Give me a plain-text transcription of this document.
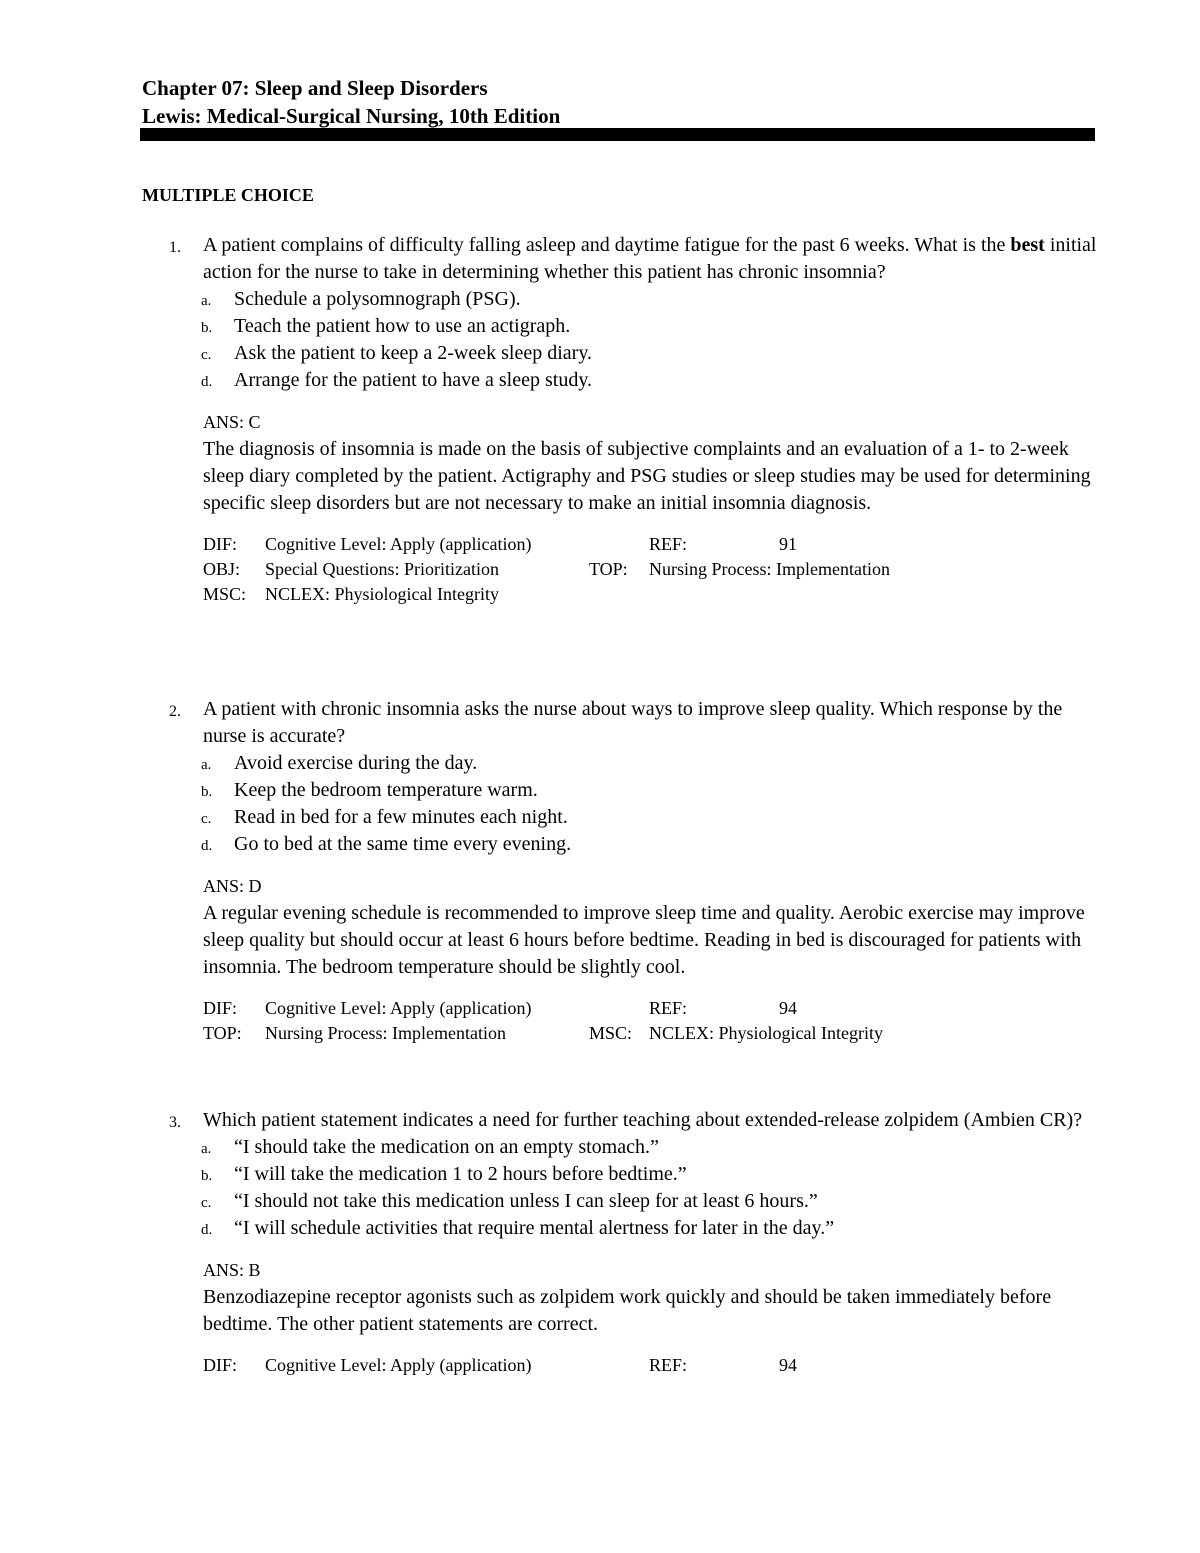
Chapter 07: Sleep and Sleep Disorders
Lewis: Medical-Surgical Nursing, 10th Edition
MULTIPLE CHOICE
1. A patient complains of difficulty falling asleep and daytime fatigue for the past 6 weeks. What is the best initial action for the nurse to take in determining whether this patient has chronic insomnia?
a. Schedule a polysomnograph (PSG).
b. Teach the patient how to use an actigraph.
c. Ask the patient to keep a 2-week sleep diary.
d. Arrange for the patient to have a sleep study.
ANS: C
The diagnosis of insomnia is made on the basis of subjective complaints and an evaluation of a 1- to 2-week sleep diary completed by the patient. Actigraphy and PSG studies or sleep studies may be used for determining specific sleep disorders but are not necessary to make an initial insomnia diagnosis.
DIF: Cognitive Level: Apply (application)	REF:	91
OBJ: Special Questions: Prioritization	TOP: Nursing Process: Implementation
MSC: NCLEX: Physiological Integrity
2. A patient with chronic insomnia asks the nurse about ways to improve sleep quality. Which response by the nurse is accurate?
a. Avoid exercise during the day.
b. Keep the bedroom temperature warm.
c. Read in bed for a few minutes each night.
d. Go to bed at the same time every evening.
ANS: D
A regular evening schedule is recommended to improve sleep time and quality. Aerobic exercise may improve sleep quality but should occur at least 6 hours before bedtime. Reading in bed is discouraged for patients with insomnia. The bedroom temperature should be slightly cool.
DIF: Cognitive Level: Apply (application)	REF:	94
TOP: Nursing Process: Implementation	MSC: NCLEX: Physiological Integrity
3. Which patient statement indicates a need for further teaching about extended-release zolpidem (Ambien CR)?
a. “I should take the medication on an empty stomach.”
b. “I will take the medication 1 to 2 hours before bedtime.”
c. “I should not take this medication unless I can sleep for at least 6 hours.”
d. “I will schedule activities that require mental alertness for later in the day.”
ANS: B
Benzodiazepine receptor agonists such as zolpidem work quickly and should be taken immediately before bedtime. The other patient statements are correct.
DIF: Cognitive Level: Apply (application)	REF:	94
